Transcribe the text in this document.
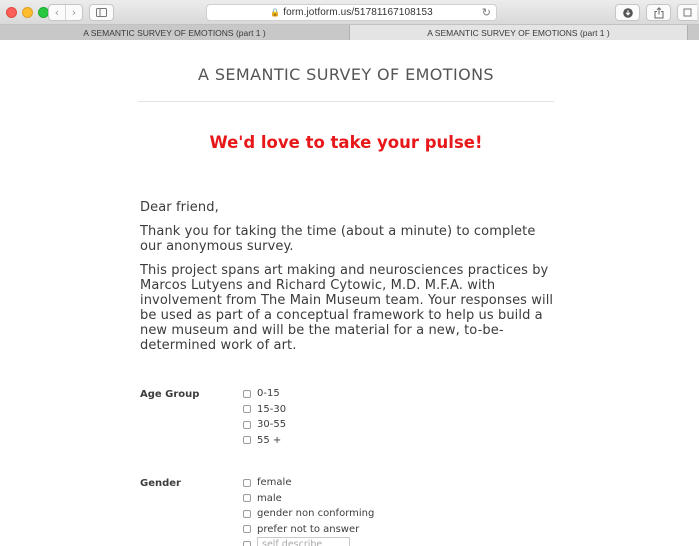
‹ ›	🔒 form.jotform.us/51781167108153	↻
A SEMANTIC SURVEY OF EMOTIONS (part 1 )	A SEMANTIC SURVEY OF EMOTIONS (part 1 )
A SEMANTIC SURVEY OF EMOTIONS
We'd love to take your pulse!

Dear friend,

Thank you for taking the time (about a minute) to complete our anonymous survey.

This project spans art making and neurosciences practices by Marcos Lutyens and Richard Cytowic, M.D. M.F.A. with involvement from The Main Museum team. Your responses will be used as part of a conceptual framework to help us build a new museum and will be the material for a new, to-be-determined work of art.

Age Group	0-15
15-30
30-55
55 +
Gender	female
male
gender non conforming
prefer not to answer
self describe
